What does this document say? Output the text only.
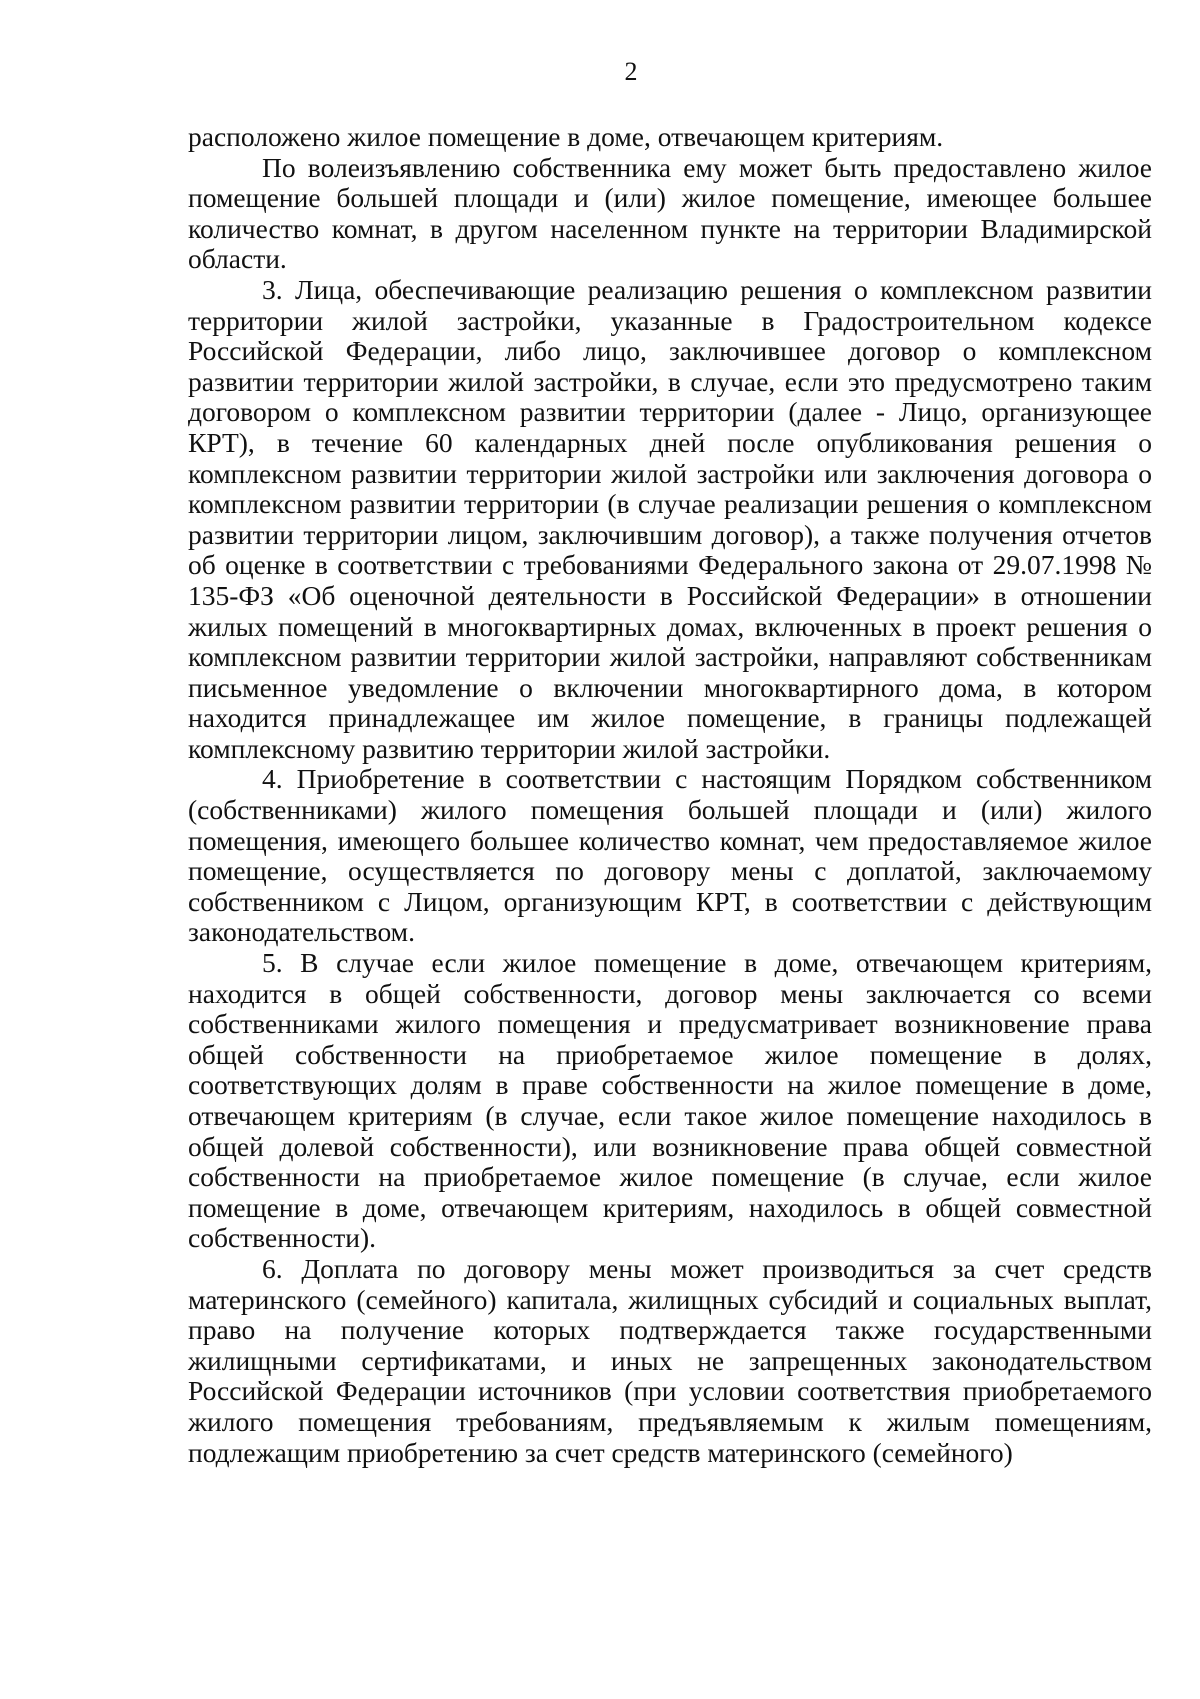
2

расположено жилое помещение в доме, отвечающем критериям.

По волеизъявлению собственника ему может быть предоставлено жилое помещение большей площади и (или) жилое помещение, имеющее большее количество комнат, в другом населенном пункте на территории Владимирской области.

3. Лица, обеспечивающие реализацию решения о комплексном развитии территории жилой застройки, указанные в Градостроительном кодексе Российской Федерации, либо лицо, заключившее договор о комплексном развитии территории жилой застройки, в случае, если это предусмотрено таким договором о комплексном развитии территории (далее - Лицо, организующее КРТ), в течение 60 календарных дней после опубликования решения о комплексном развитии территории жилой застройки или заключения договора о комплексном развитии территории (в случае реализации решения о комплексном развитии территории лицом, заключившим договор), а также получения отчетов об оценке в соответствии с требованиями Федерального закона от 29.07.1998 № 135-ФЗ «Об оценочной деятельности в Российской Федерации» в отношении жилых помещений в многоквартирных домах, включенных в проект решения о комплексном развитии территории жилой застройки, направляют собственникам письменное уведомление о включении многоквартирного дома, в котором находится принадлежащее им жилое помещение, в границы подлежащей комплексному развитию территории жилой застройки.

4. Приобретение в соответствии с настоящим Порядком собственником (собственниками) жилого помещения большей площади и (или) жилого помещения, имеющего большее количество комнат, чем предоставляемое жилое помещение, осуществляется по договору мены с доплатой, заключаемому собственником с Лицом, организующим КРТ, в соответствии с действующим законодательством.

5. В случае если жилое помещение в доме, отвечающем критериям, находится в общей собственности, договор мены заключается со всеми собственниками жилого помещения и предусматривает возникновение права общей собственности на приобретаемое жилое помещение в долях, соответствующих долям в праве собственности на жилое помещение в доме, отвечающем критериям (в случае, если такое жилое помещение находилось в общей долевой собственности), или возникновение права общей совместной собственности на приобретаемое жилое помещение (в случае, если жилое помещение в доме, отвечающем критериям, находилось в общей совместной собственности).

6. Доплата по договору мены может производиться за счет средств материнского (семейного) капитала, жилищных субсидий и социальных выплат, право на получение которых подтверждается также государственными жилищными сертификатами, и иных не запрещенных законодательством Российской Федерации источников (при условии соответствия приобретаемого жилого помещения требованиям, предъявляемым к жилым помещениям, подлежащим приобретению за счет средств материнского (семейного)
